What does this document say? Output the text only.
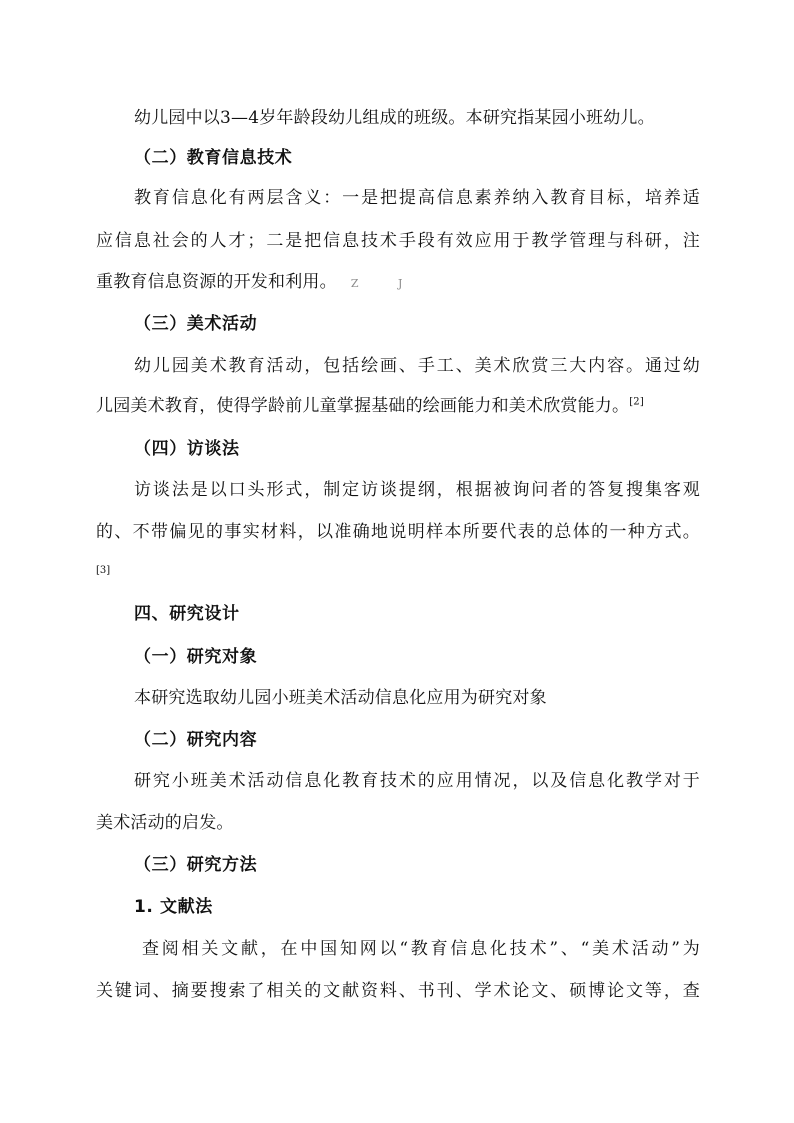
幼儿园中以3—4岁年龄段幼儿组成的班级。本研究指某园小班幼儿。
（二）教育信息技术
教育信息化有两层含义：一是把提高信息素养纳入教育目标，培养适
应信息社会的人才；二是把信息技术手段有效应用于教学管理与科研，注
重教育信息资源的开发和利用。 Z J
（三）美术活动
幼儿园美术教育活动，包括绘画、手工、美术欣赏三大内容。通过幼
儿园美术教育，使得学龄前儿童掌握基础的绘画能力和美术欣赏能力。[2]
（四）访谈法
访谈法是以口头形式，制定访谈提纲，根据被询问者的答复搜集客观
的、不带偏见的事实材料，以准确地说明样本所要代表的总体的一种方式。
[3]
四、研究设计
（一）研究对象
本研究选取幼儿园小班美术活动信息化应用为研究对象
（二）研究内容
研究小班美术活动信息化教育技术的应用情况，以及信息化教学对于
美术活动的启发。
（三）研究方法
1. 文献法
查阅相关文献，在中国知网以“教育信息化技术”、“美术活动”为
关键词、摘要搜索了相关的文献资料、书刊、学术论文、硕博论文等，查
